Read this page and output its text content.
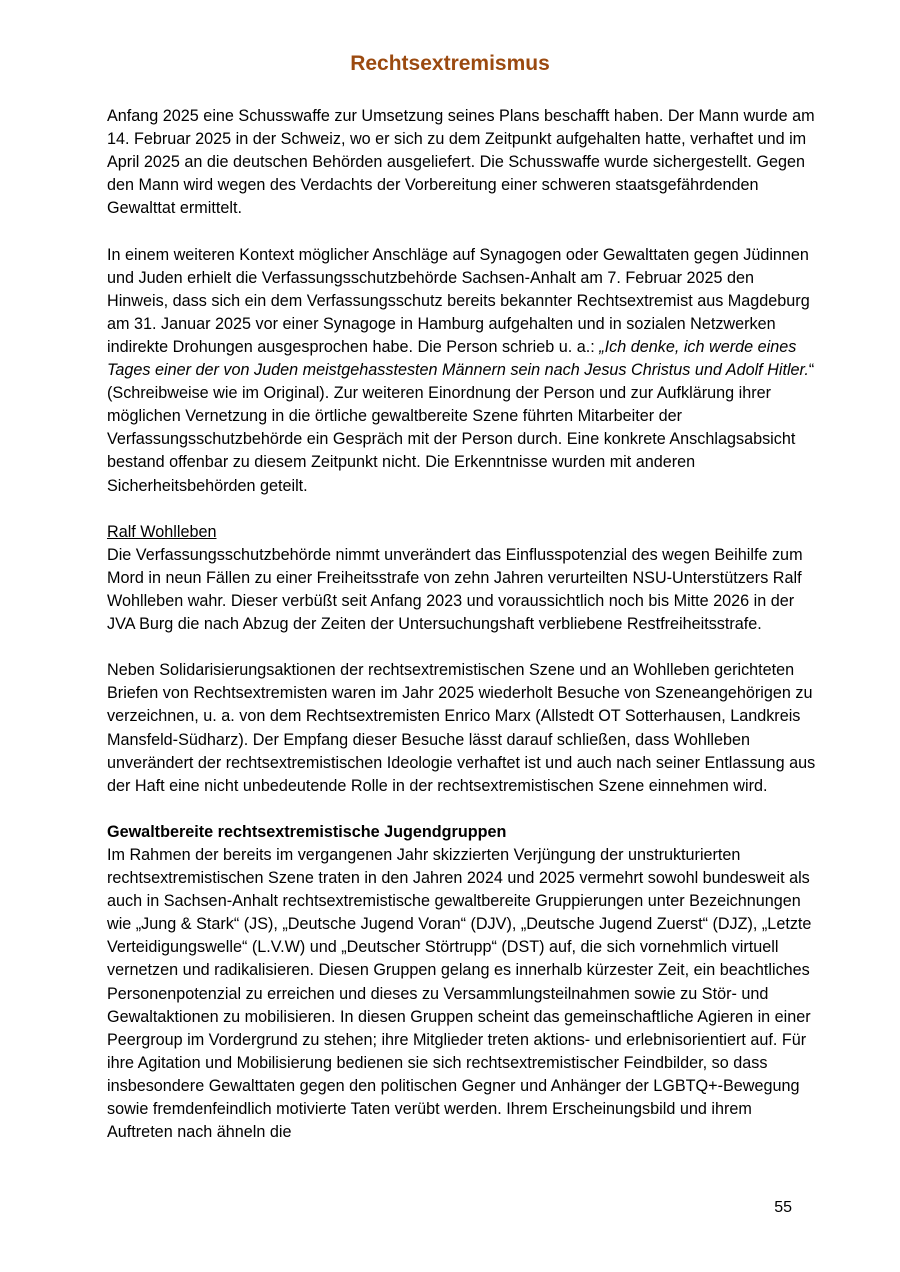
Rechtsextremismus

Anfang 2025 eine Schusswaffe zur Umsetzung seines Plans beschafft haben. Der Mann wurde am 14. Februar 2025 in der Schweiz, wo er sich zu dem Zeitpunkt aufgehalten hatte, verhaftet und im April 2025 an die deutschen Behörden ausgeliefert. Die Schusswaffe wurde sichergestellt. Gegen den Mann wird wegen des Verdachts der Vorbereitung einer schweren staatsgefährdenden Gewalttat ermittelt.

In einem weiteren Kontext möglicher Anschläge auf Synagogen oder Gewalttaten gegen Jüdinnen und Juden erhielt die Verfassungsschutzbehörde Sachsen-Anhalt am 7. Februar 2025 den Hinweis, dass sich ein dem Verfassungsschutz bereits bekannter Rechtsextremist aus Magdeburg am 31. Januar 2025 vor einer Synagoge in Hamburg aufgehalten und in sozialen Netzwerken indirekte Drohungen ausgesprochen habe. Die Person schrieb u. a.: „Ich denke, ich werde eines Tages einer der von Juden meistgehasstesten Männern sein nach Jesus Christus und Adolf Hitler.“ (Schreibweise wie im Original). Zur weiteren Einordnung der Person und zur Aufklärung ihrer möglichen Vernetzung in die örtliche gewaltbereite Szene führten Mitarbeiter der Verfassungsschutzbehörde ein Gespräch mit der Person durch. Eine konkrete Anschlagsabsicht bestand offenbar zu diesem Zeitpunkt nicht. Die Erkenntnisse wurden mit anderen Sicherheitsbehörden geteilt.

Ralf Wohlleben
Die Verfassungsschutzbehörde nimmt unverändert das Einflusspotenzial des wegen Beihilfe zum Mord in neun Fällen zu einer Freiheitsstrafe von zehn Jahren verurteilten NSU-Unterstützers Ralf Wohlleben wahr. Dieser verbüßt seit Anfang 2023 und voraussichtlich noch bis Mitte 2026 in der JVA Burg die nach Abzug der Zeiten der Untersuchungshaft verbliebene Restfreiheitsstrafe.

Neben Solidarisierungsaktionen der rechtsextremistischen Szene und an Wohlleben gerichteten Briefen von Rechtsextremisten waren im Jahr 2025 wiederholt Besuche von Szeneangehörigen zu verzeichnen, u. a. von dem Rechtsextremisten Enrico Marx (Allstedt OT Sotterhausen, Landkreis Mansfeld-Südharz). Der Empfang dieser Besuche lässt darauf schließen, dass Wohlleben unverändert der rechtsextremistischen Ideologie verhaftet ist und auch nach seiner Entlassung aus der Haft eine nicht unbedeutende Rolle in der rechtsextremistischen Szene einnehmen wird.

Gewaltbereite rechtsextremistische Jugendgruppen
Im Rahmen der bereits im vergangenen Jahr skizzierten Verjüngung der unstrukturierten rechtsextremistischen Szene traten in den Jahren 2024 und 2025 vermehrt sowohl bundesweit als auch in Sachsen-Anhalt rechtsextremistische gewaltbereite Gruppierungen unter Bezeichnungen wie „Jung & Stark“ (JS), „Deutsche Jugend Voran“ (DJV), „Deutsche Jugend Zuerst“ (DJZ), „Letzte Verteidigungswelle“ (L.V.W) und „Deutscher Störtrupp“ (DST) auf, die sich vornehmlich virtuell vernetzen und radikalisieren. Diesen Gruppen gelang es innerhalb kürzester Zeit, ein beachtliches Personenpotenzial zu erreichen und dieses zu Versammlungsteilnahmen sowie zu Stör- und Gewaltaktionen zu mobilisieren. In diesen Gruppen scheint das gemeinschaftliche Agieren in einer Peergroup im Vordergrund zu stehen; ihre Mitglieder treten aktions- und erlebnisorientiert auf. Für ihre Agitation und Mobilisierung bedienen sie sich rechtsextremistischer Feindbilder, so dass insbesondere Gewalttaten gegen den politischen Gegner und Anhänger der LGBTQ+-Bewegung sowie fremdenfeindlich motivierte Taten verübt werden. Ihrem Erscheinungsbild und ihrem Auftreten nach ähneln die
55
